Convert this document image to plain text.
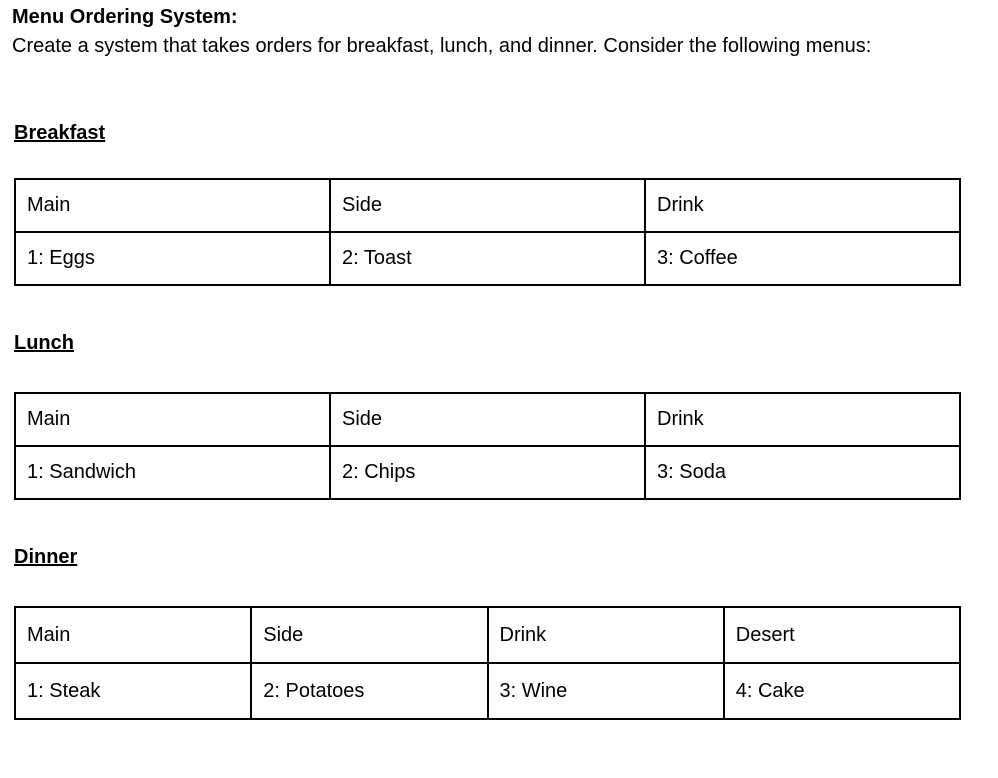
Menu Ordering System:

Create a system that takes orders for breakfast, lunch, and dinner. Consider the following menus:

Breakfast
Main	Side	Drink
1: Eggs	2: Toast	3: Coffee
Lunch
Main	Side	Drink
1: Sandwich	2: Chips	3: Soda
Dinner
Main	Side	Drink	Desert
1: Steak	2: Potatoes	3: Wine	4: Cake
